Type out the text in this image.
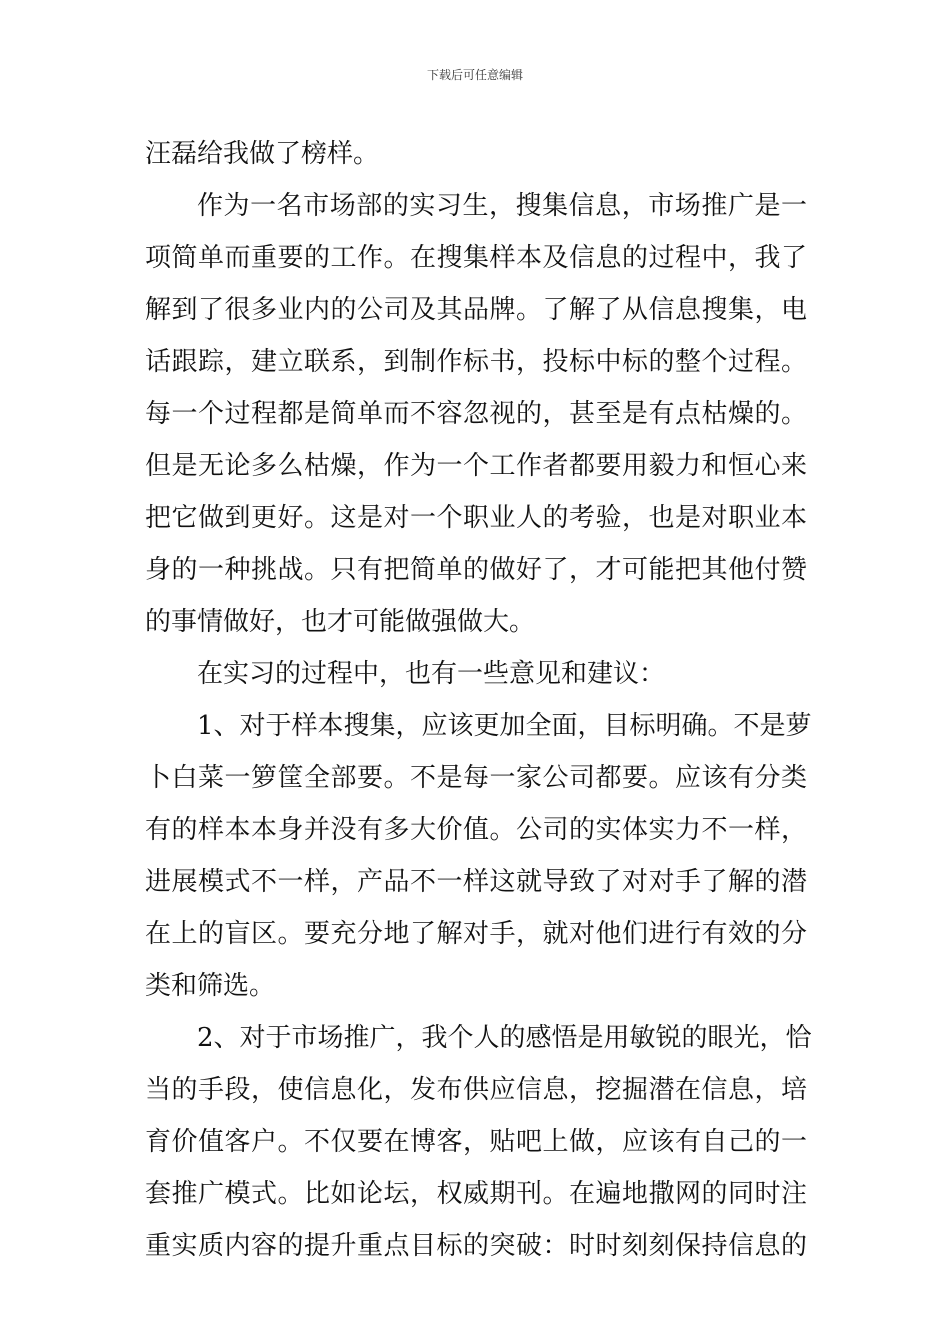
下载后可任意编辑
汪磊给我做了榜样。
作为一名市场部的实习生，搜集信息，市场推广是一
项简单而重要的工作。在搜集样本及信息的过程中，我了
解到了很多业内的公司及其品牌。了解了从信息搜集，电
话跟踪，建立联系，到制作标书，投标中标的整个过程。
每一个过程都是简单而不容忽视的，甚至是有点枯燥的。
但是无论多么枯燥，作为一个工作者都要用毅力和恒心来
把它做到更好。这是对一个职业人的考验，也是对职业本
身的一种挑战。只有把简单的做好了，才可能把其他付赞
的事情做好，也才可能做强做大。
在实习的过程中，也有一些意见和建议：
1、对于样本搜集，应该更加全面，目标明确。不是萝
卜白菜一箩筐全部要。不是每一家公司都要。应该有分类
有的样本本身并没有多大价值。公司的实体实力不一样，
进展模式不一样，产品不一样这就导致了对对手了解的潜
在上的盲区。要充分地了解对手，就对他们进行有效的分
类和筛选。
2、对于市场推广，我个人的感悟是用敏锐的眼光，恰
当的手段，使信息化，发布供应信息，挖掘潜在信息，培
育价值客户。不仅要在博客，贴吧上做，应该有自己的一
套推广模式。比如论坛，权威期刊。在遍地撒网的同时注
重实质内容的提升重点目标的突破：时时刻刻保持信息的
